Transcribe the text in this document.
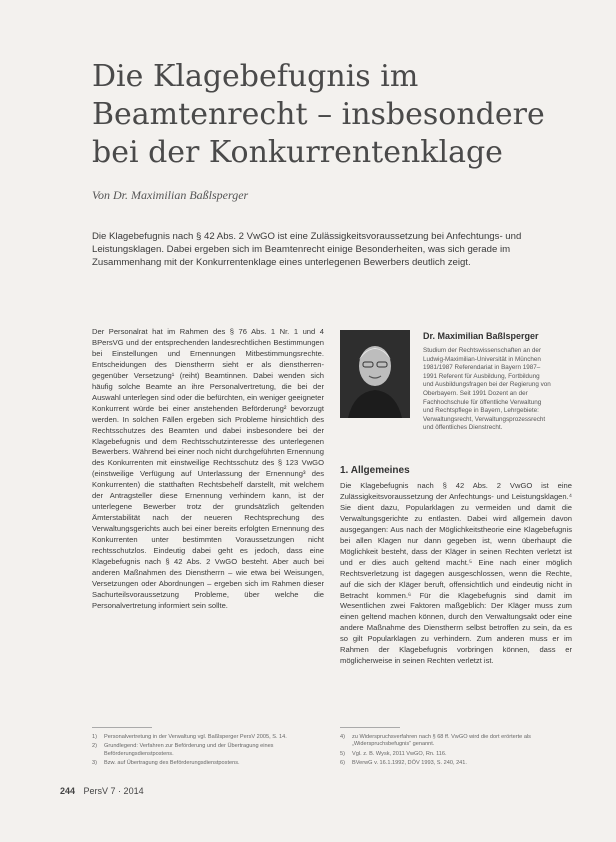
Die Klagebefugnis im Beamtenrecht – insbesondere bei der Konkurrentenklage
Von Dr. Maximilian Baßlsperger
Die Klagebefugnis nach § 42 Abs. 2 VwGO ist eine Zulässigkeitsvoraussetzung bei Anfechtungs- und Leistungsklagen. Dabei ergeben sich im Beamtenrecht einige Besonderheiten, was sich gerade im Zusammenhang mit der Konkurrentenklage eines unterlegenen Bewerbers deutlich zeigt.

Der Personalrat hat im Rahmen des § 76 Abs. 1 Nr. 1 und 4 BPersVG und der entsprechenden landesrechtlichen Bestimmungen bei Einstellungen und Ernennungen Mitbestimmungsrechte. Entscheidungen des Dienstherrn sieht er als dienstherren-gegenüber Versetzung¹ (reiht) Beamtinnen. Dabei wenden sich häufig solche Beamte an ihre Personalvertretung, die bei der Auswahl unterlegen sind oder die befürchten, ein weniger geeigneter Konkurrent würde bei einer anstehenden Beförderung² bevorzugt werden. In solchen Fällen ergeben sich Probleme hinsichtlich des Rechtsschutzes des Beamten und dabei insbesondere bei der Klagebefugnis und dem Rechtsschutzinteresse des unterlegenen Bewerbers. Während bei einer noch nicht durchgeführten Ernennung des Konkurrenten mit einstweilige Rechtsschutz des § 123 VwGO (einstweilige Verfügung auf Unterlassung der Ernennung³ des Konkurrenten) die statthaften Rechtsbehelf darstellt, mit welchem der Antragsteller diese Ernennung verhindern kann, ist der unterlegene Bewerber trotz der grundsätzlich geltenden Ämterstabilität nach der neueren Rechtsprechung des Verwaltungsgerichts auch bei einer bereits erfolgten Ernennung des Konkurrenten unter bestimmten Voraussetzungen nicht rechtsschutzlos. Eindeutig dabei geht es jedoch, dass eine Klagebefugnis nach § 42 Abs. 2 VwGO besteht. Aber auch bei anderen Maßnahmen des Dienstherrn – wie etwa bei Weisungen, Versetzungen oder Abordnungen – ergeben sich im Rahmen dieser Sachurteilsvoraussetzung Probleme, über welche die Personalvertretung informiert sein sollte.

Dr. Maximilian Baßlsperger
Studium der Rechtswissenschaften an der Ludwig-Maximilian-Universität in München 1981/1987 Referendariat in Bayern 1987–1991 Referent für Ausbildung, Fortbildung und Ausbildungsfragen bei der Regierung von Oberbayern. Seit 1991 Dozent an der Fachhochschule für öffentliche Verwaltung und Rechtspflege in Bayern, Lehrgebiete: Verwaltungsrecht, Verwaltungsprozessrecht und öffentliches Dienstrecht.
1. Allgemeines

Die Klagebefugnis nach § 42 Abs. 2 VwGO ist eine Zulässigkeitsvoraussetzung der Anfechtungs- und Leistungsklagen.⁴ Sie dient dazu, Popularklagen zu vermeiden und damit die Verwaltungsgerichte zu entlasten. Dabei wird allgemein davon ausgegangen: Aus nach der Möglichkeitstheorie eine Klagebefugnis bei allen Klagen nur dann gegeben ist, wenn überhaupt die Möglichkeit besteht, dass der Kläger in seinen Rechten verletzt ist und er dies auch geltend macht.⁵ Eine nach einer möglich Rechtsverletzung ist dagegen ausgeschlossen, wenn die Rechte, auf die sich der Kläger beruft, offensichtlich und eindeutig nicht in Betracht kommen.⁶ Für die Klagebefugnis sind damit im Wesentlichen zwei Faktoren maßgeblich: Der Kläger muss zum einen geltend machen können, durch den Verwaltungsakt oder eine andere Maßnahme des Dienstherrn selbst betroffen zu sein, da es so gilt Popularklagen zu verhindern. Zum anderen muss er im Rahmen der Klagebefugnis vorbringen können, dass er möglicherweise in seinen Rechten verletzt ist.

1)	Personalvertretung in der Verwaltung vgl. Baßlsperger PersV 2005, S. 14.
2)	Grundlegend: Verfahren zur Beförderung und der Übertragung eines Beförderungsdienstpostens.
3)	Bzw. auf Übertragung des Beförderungsdienstpostens.
4)	zu Widerspruchsverfahren nach § 68 ff. VwGO wird die dort erörterte als „Widerspruchsbefugnis“ genannt.
5)	Vgl. z. B. Wysk, 2011 VwGO, Rn. 116.
6)	BVerwG v. 16.1.1992, DÖV 1993, S. 240, 241.
244 PersV 7 · 2014
